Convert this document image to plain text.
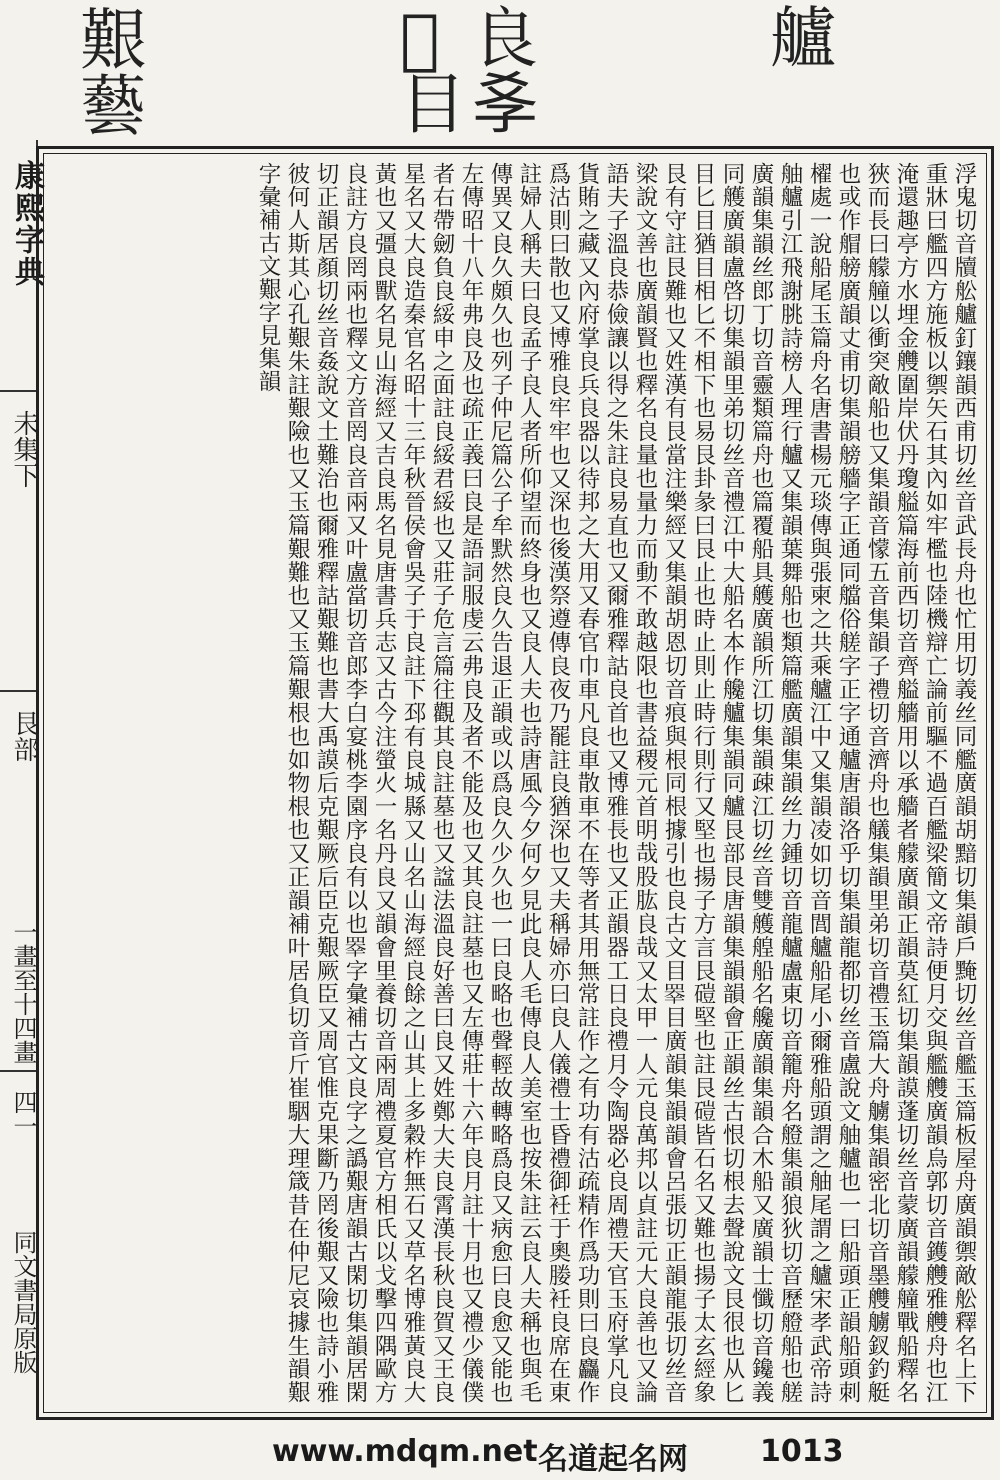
艱
藝
𨑗
目
良
𡥈
艫
康熙字典
未集下
艮部
一畫至十四畫
四一
同文書局原版	浮鬼切音牘舩艫釘鑲韻西甫切丝音武長舟也忙用切義丝同艦廣韻胡黯切集韻戶黤切丝音艦玉篇板屋舟廣韻禦敵舩釋名上下重牀曰艦四方施板以禦矢石其內如牢檻也陸機辯亡論前驅不過百艦梁簡文帝詩便月交與艦艭廣韻烏郭切音鑊艭雅艭舟也江淹還趣亭方水埋金艭圍岸伏丹瓊艗篇海前西切音齊艗艢用以承艢者艨廣韻正韻莫紅切集韻謨蓬切丝音蒙廣韻艨艟戰船釋名狹而長曰艨艟以衝突敵船也又集韻音懞五音集韻子禮切音濟舟也艤集韻里弟切音禮玉篇大舟艣集韻密北切音墨艭艣釵釣艇也或作艒艕廣韻丈甫切集韻艕艢字正通同艡俗艖字正字通艫唐韻洛乎切集韻龍都切丝音盧說文舳艫也一曰船頭正韻船頭刺櫂處一說船尾玉篇舟名唐書楊元琰傳與張柬之共乘艫江中又集韻凌如切音閭艫船尾小爾雅船頭謂之舳尾謂之艫宋孝武帝詩舳艫引江飛謝朓詩榜人理行艫又集韻葉舞船也類篇艦廣韻集韻丝力鍾切音龍艫盧東切音籠舟名艠集韻狼狄切音歷艠船也艖廣韻集韻丝郎丁切音靈類篇舟也篇覆船具艧廣韻所江切集韻疎江切丝音雙艧艎船名艬廣韻集韻合木船又廣韻士懺切音鑱義同艧廣韻盧啓切集韻里弟切丝音禮江中大船名本作艬艫集韻同艫艮部艮唐韻集韻韻會正韻丝古恨切根去聲說文艮很也从匕目匕目猶目相匕不相下也易艮卦彖曰艮止也時止則止時行則行又堅也揚子方言艮磑堅也註艮磑皆石名又難也揚子太玄經象艮有守註艮難也又姓漢有艮當注樂經又集韻胡恩切音痕與根同根據引也良古文目𥇡目廣韻集韻韻會呂張切正韻龍張切丝音梁說文善也廣韻賢也釋名良量也量力而動不敢越限也書益稷元首明哉股肱良哉又太甲一人元良萬邦以貞註元大良善也又論語夫子溫良恭儉讓以得之朱註良易直也又爾雅釋詁良首也又博雅長也又正韻器工日良禮月令陶器必良周禮天官玉府掌凡良貨賄之藏又內府掌良兵良器以待邦之大用又春官巾車凡良車散車不在等者其用無常註作之有功有沽疏精作爲功則曰良麤作爲沽則曰散也又博雅良牢牢也又深也後漢祭遵傳良夜乃罷註良猶深也又夫稱婦亦曰良人儀禮士昏禮御衽于奧媵衽良席在東註婦人稱夫曰良孟子良人者所仰望而終身也又良人夫也詩唐風今夕何夕見此良人毛傳良人美室也按朱註云良人夫稱也與毛傳異又良久頗久也列子仲尼篇公子牟默然良久告退正韻或以爲良久少久也一曰良略也聲輕故轉略爲良又病愈曰良愈又能也左傳昭十八年弗良及也疏正義曰良是語詞服虔云弗良及者不能及也又其良註墓也又左傳莊十六年良月註十月也又禮少儀僕者右帶劒負良綏申之面註良綏君綏也又莊子危言篇往觀其良註墓也又諡法溫良好善曰良又姓鄭大夫良霄漢長秋良賀又王良星名又大良造秦官名昭十三年秋晉侯會吳子于良註下邳有良城縣又山名山海經良餘之山其上多穀柞無石又草名博雅黃良大黃也又彊良獸名見山海經又吉良馬名見唐書兵志又古今注螢火一名丹良又韻會里養切音兩周禮夏官方相氏以戈擊四隅歐方良註方良罔兩也釋文方音罔良音兩又叶盧當切音郎李白宴桃李園序良有以也𥇡字彙補古文良字之譌艱唐韻古閑切集韻居閑切正韻居顏切丝音姦說文土難治也爾雅釋詁艱難也書大禹謨后克艱厥后臣克艱厥臣又周官惟克果斷乃罔後艱又險也詩小雅彼何人斯其心孔艱朱註艱險也又玉篇艱難也又玉篇艱根也如物根也又正韻補叶居負切音斤崔駰大理箴昔在仲尼哀據生韻艱字彙補古文艱字見集韻

www.mdqm.net 名道起名网 1013
